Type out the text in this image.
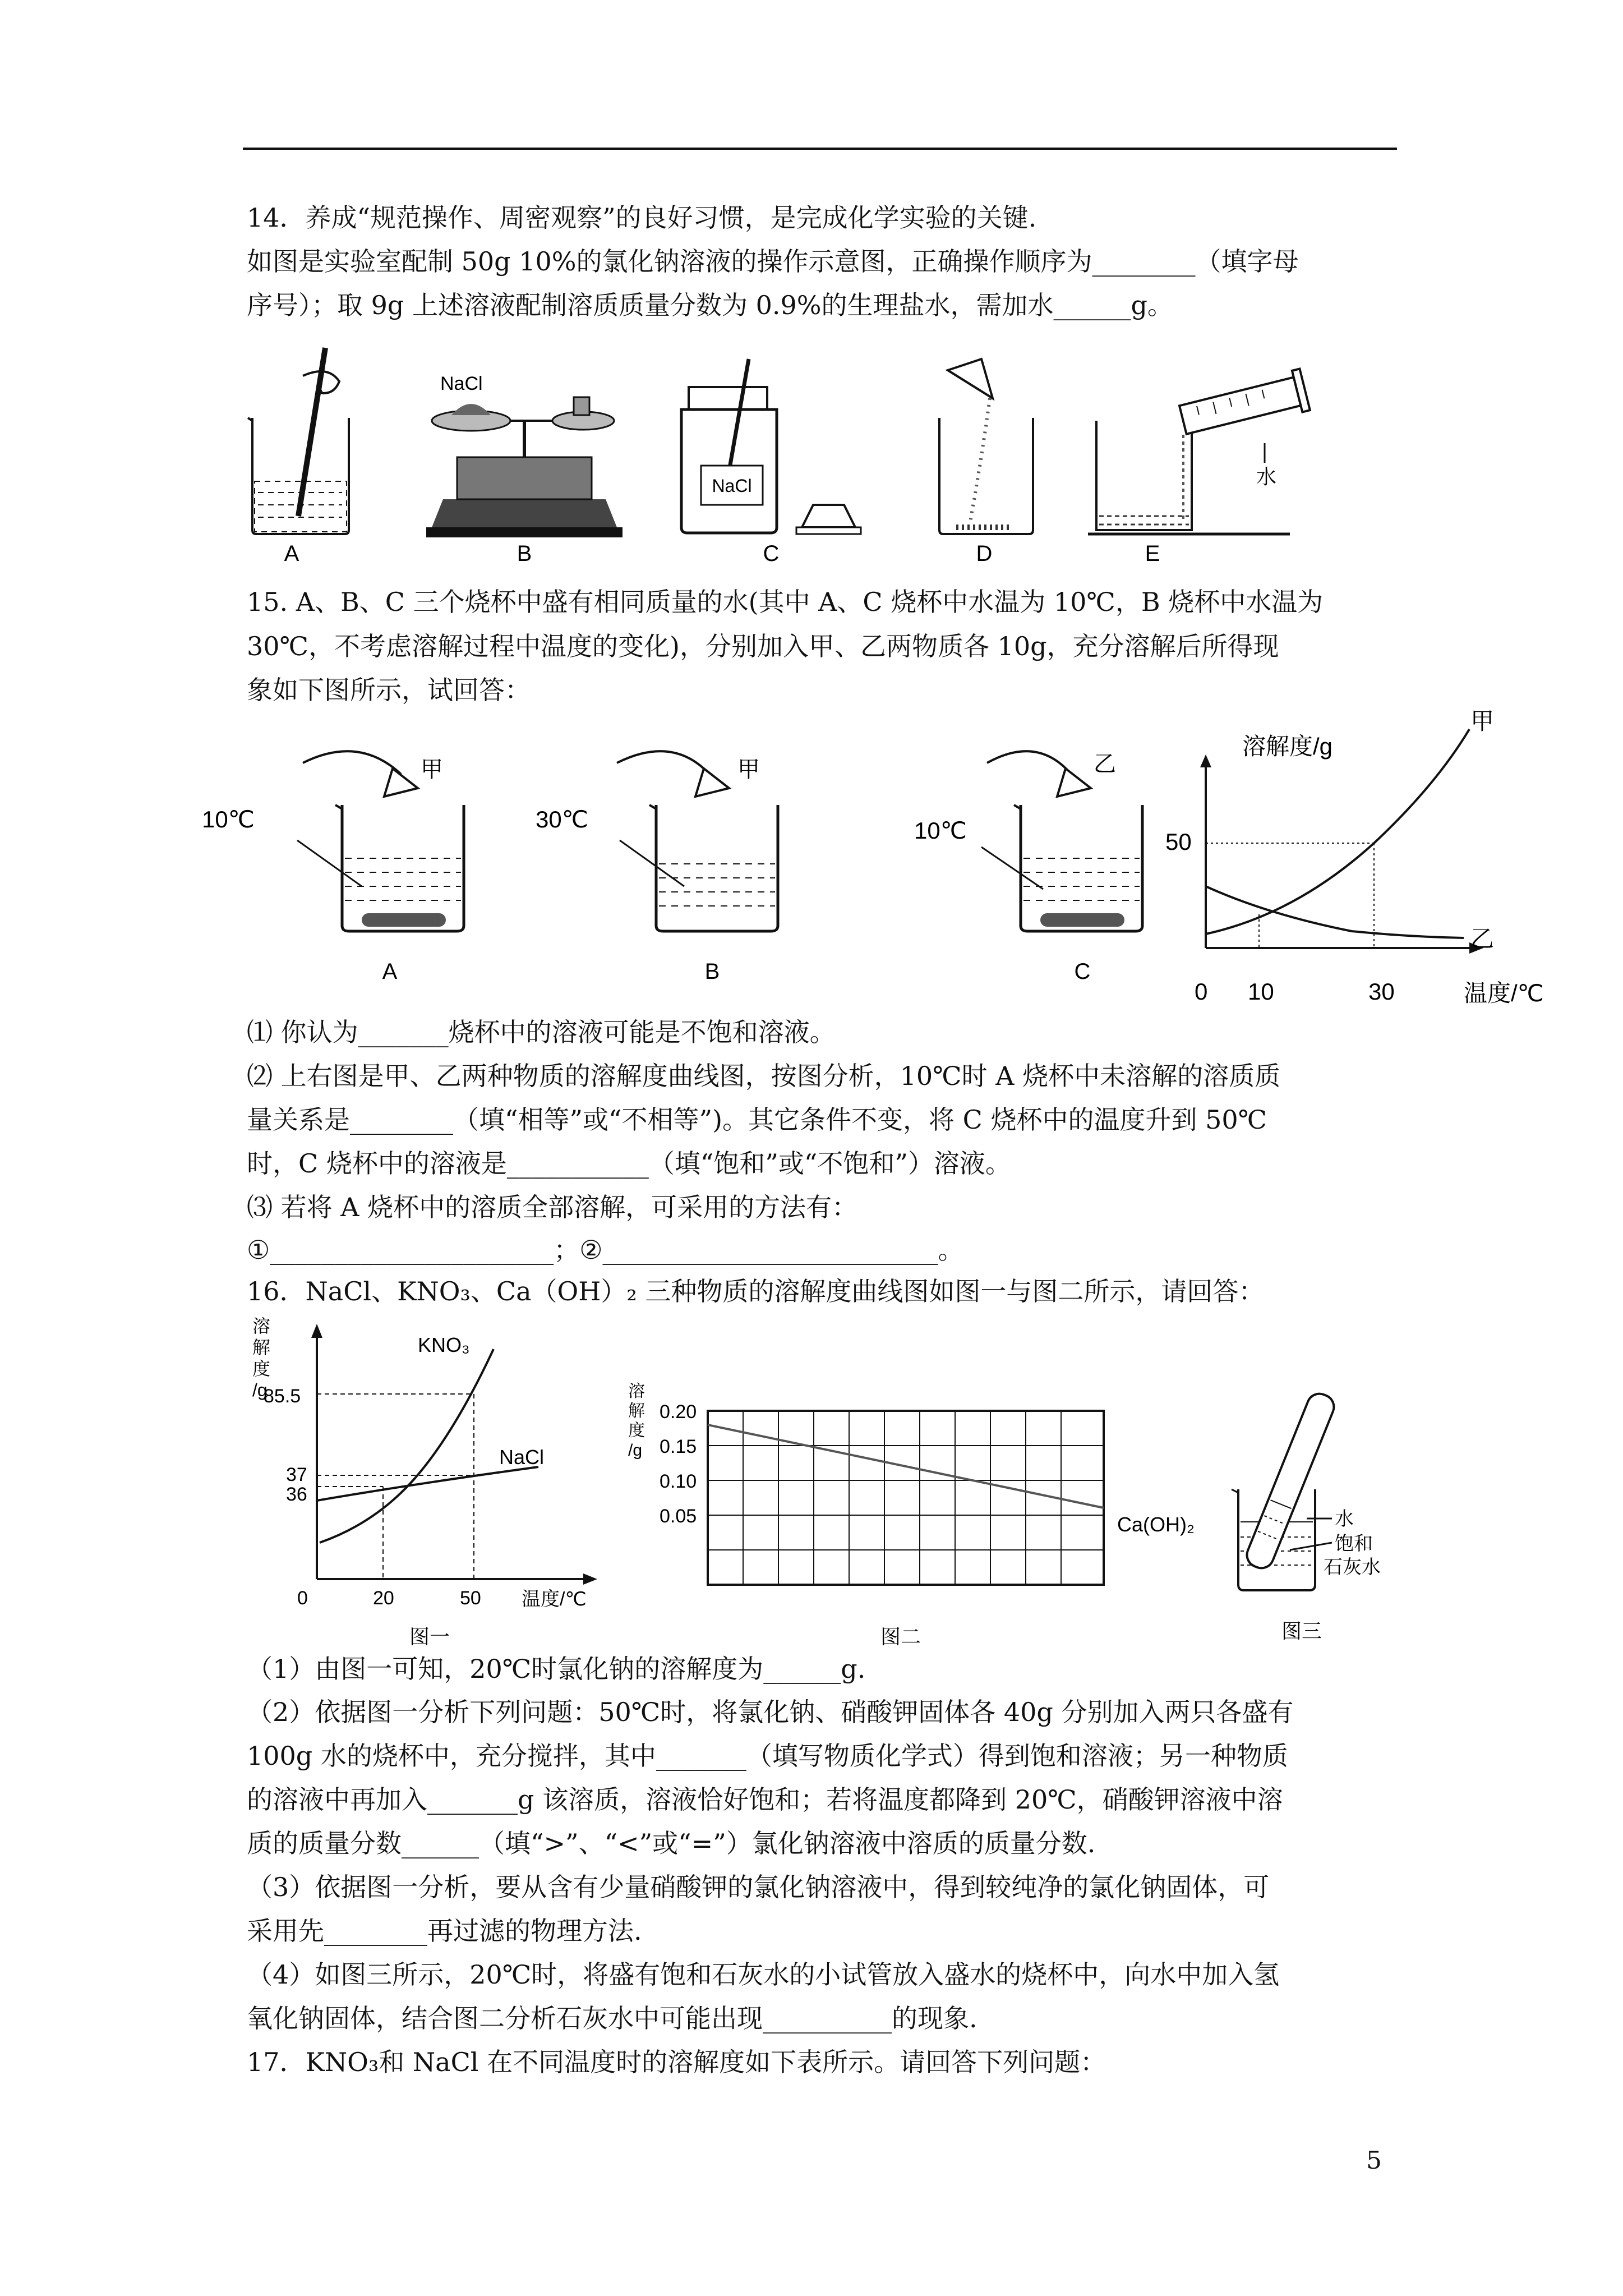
14．养成“规范操作、周密观察”的良好习惯，是完成化学实验的关键.
如图是实验室配制 50g 10%的氯化钠溶液的操作示意图，正确操作顺序为________（填字母
序号）；取 9g 上述溶液配制溶质质量分数为 0.9%的生理盐水，需加水______g。
A
NaCl
B
NaCl
C	D
水
E
15. A、B、C 三个烧杯中盛有相同质量的水(其中 A、C 烧杯中水温为 10℃，B 烧杯中水温为
30℃，不考虑溶解过程中温度的变化)，分别加入甲、乙两物质各 10g，充分溶解后所得现
象如下图所示，试回答：
10℃
甲
A
30℃
甲
B
10℃
乙
C
溶解度/g
温度/℃
50
0 10	30
甲
乙
⑴ 你认为_______烧杯中的溶液可能是不饱和溶液。
⑵ 上右图是甲、乙两种物质的溶解度曲线图，按图分析，10℃时 A 烧杯中未溶解的溶质质
量关系是________（填“相等”或“不相等”)。其它条件不变，将 C 烧杯中的温度升到 50℃
时，C 烧杯中的溶液是___________（填“饱和”或“不饱和”）溶液。
⑶ 若将 A 烧杯中的溶质全部溶解，可采用的方法有：
①______________________；②__________________________。
16．NaCl、KNO₃、Ca（OH）₂ 三种物质的溶解度曲线图如图一与图二所示，请回答：
溶
解
度
/g
85.5
37
36
0	20	50 温度/℃
KNO₃
NaCl
图一
溶
解
度
/g
0.20
0.15
0.10
0.05	Ca(OH)₂
图二
水
饱和
石灰水
图三
（1）由图一可知，20℃时氯化钠的溶解度为______g.
（2）依据图一分析下列问题：50℃时，将氯化钠、硝酸钾固体各 40g 分别加入两只各盛有
100g 水的烧杯中，充分搅拌，其中_______（填写物质化学式）得到饱和溶液；另一种物质
的溶液中再加入_______g 该溶质，溶液恰好饱和；若将温度都降到 20℃，硝酸钾溶液中溶
质的质量分数______（填“>”、“<”或“=”）氯化钠溶液中溶质的质量分数.
（3）依据图一分析，要从含有少量硝酸钾的氯化钠溶液中，得到较纯净的氯化钠固体，可
采用先________再过滤的物理方法.
（4）如图三所示，20℃时，将盛有饱和石灰水的小试管放入盛水的烧杯中，向水中加入氢
氧化钠固体，结合图二分析石灰水中可能出现__________的现象.
17．KNO₃和 NaCl 在不同温度时的溶解度如下表所示。请回答下列问题：
5
